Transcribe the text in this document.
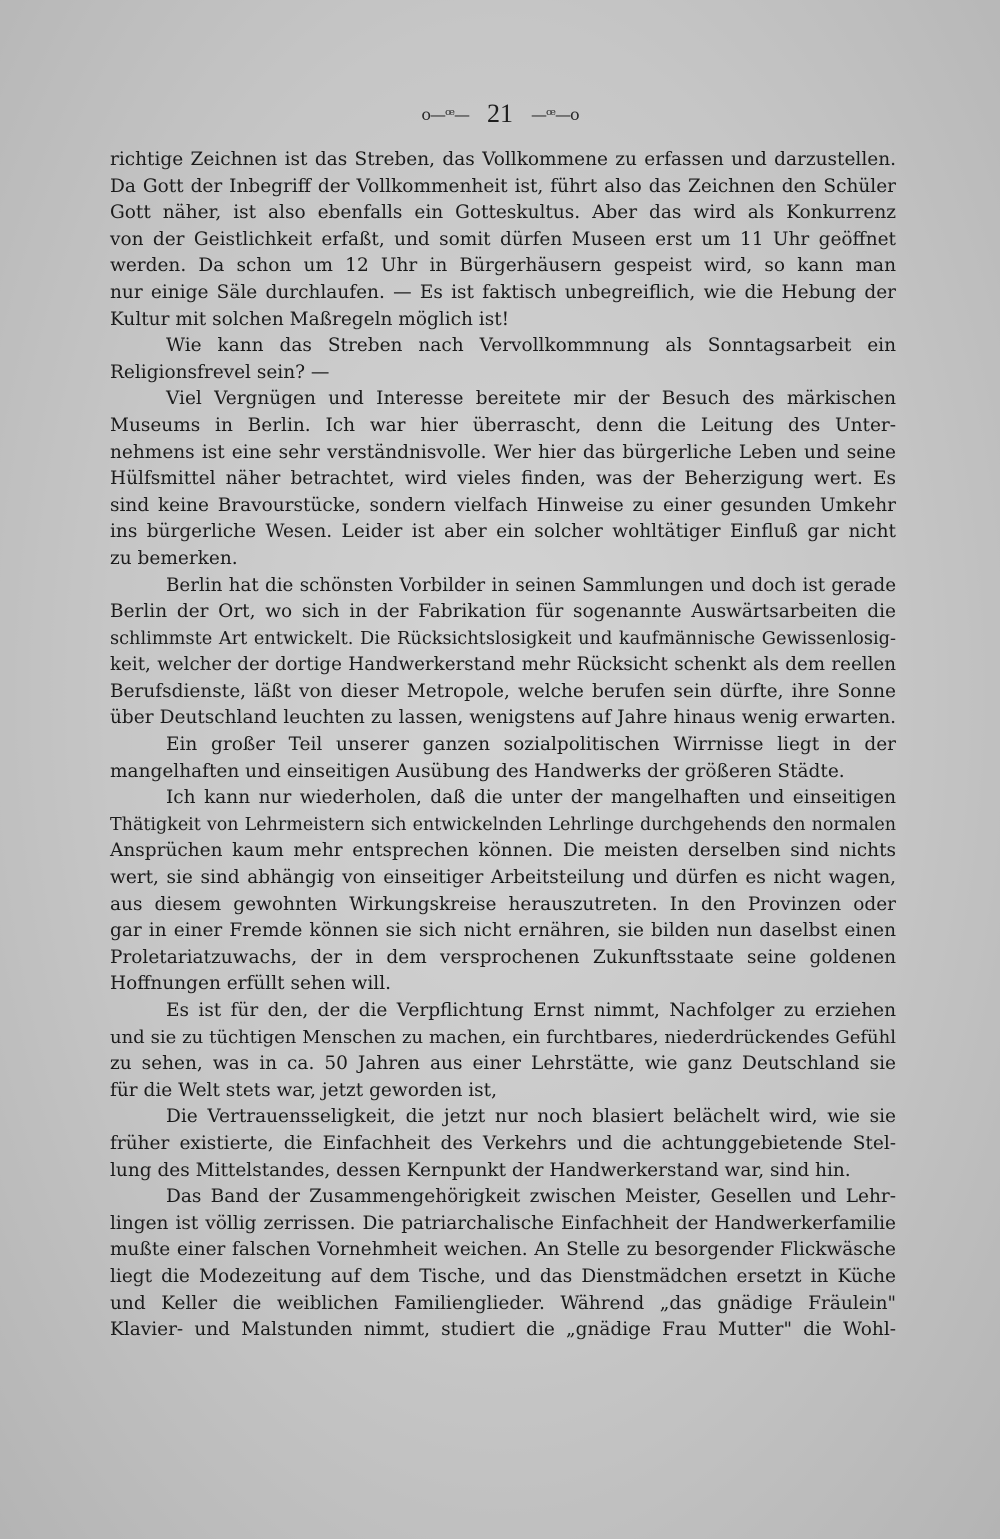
o—ꟹ— 21 —ꟹ—o
richtige Zeichnen ist das Streben, das Vollkommene zu erfassen und darzustellen.
Da Gott der Inbegriff der Vollkommenheit ist, führt also das Zeichnen den Schüler
Gott näher, ist also ebenfalls ein Gotteskultus. Aber das wird als Konkurrenz
von der Geistlichkeit erfaßt, und somit dürfen Museen erst um 11 Uhr geöffnet
werden. Da schon um 12 Uhr in Bürgerhäusern gespeist wird, so kann man
nur einige Säle durchlaufen. — Es ist faktisch unbegreiflich, wie die Hebung der
Kultur mit solchen Maßregeln möglich ist!
Wie kann das Streben nach Vervollkommnung als Sonntagsarbeit ein
Religionsfrevel sein? —
Viel Vergnügen und Interesse bereitete mir der Besuch des märkischen
Museums in Berlin. Ich war hier überrascht, denn die Leitung des Unter-
nehmens ist eine sehr verständnisvolle. Wer hier das bürgerliche Leben und seine
Hülfsmittel näher betrachtet, wird vieles finden, was der Beherzigung wert. Es
sind keine Bravourstücke, sondern vielfach Hinweise zu einer gesunden Umkehr
ins bürgerliche Wesen. Leider ist aber ein solcher wohltätiger Einfluß gar nicht
zu bemerken.
Berlin hat die schönsten Vorbilder in seinen Sammlungen und doch ist gerade
Berlin der Ort, wo sich in der Fabrikation für sogenannte Auswärtsarbeiten die
schlimmste Art entwickelt. Die Rücksichtslosigkeit und kaufmännische Gewissenlosig-
keit, welcher der dortige Handwerkerstand mehr Rücksicht schenkt als dem reellen
Berufsdienste, läßt von dieser Metropole, welche berufen sein dürfte, ihre Sonne
über Deutschland leuchten zu lassen, wenigstens auf Jahre hinaus wenig erwarten.
Ein großer Teil unserer ganzen sozialpolitischen Wirrnisse liegt in der
mangelhaften und einseitigen Ausübung des Handwerks der größeren Städte.
Ich kann nur wiederholen, daß die unter der mangelhaften und einseitigen
Thätigkeit von Lehrmeistern sich entwickelnden Lehrlinge durchgehends den normalen
Ansprüchen kaum mehr entsprechen können. Die meisten derselben sind nichts
wert, sie sind abhängig von einseitiger Arbeitsteilung und dürfen es nicht wagen,
aus diesem gewohnten Wirkungskreise herauszutreten. In den Provinzen oder
gar in einer Fremde können sie sich nicht ernähren, sie bilden nun daselbst einen
Proletariatzuwachs, der in dem versprochenen Zukunftsstaate seine goldenen
Hoffnungen erfüllt sehen will.
Es ist für den, der die Verpflichtung Ernst nimmt, Nachfolger zu erziehen
und sie zu tüchtigen Menschen zu machen, ein furchtbares, niederdrückendes Gefühl
zu sehen, was in ca. 50 Jahren aus einer Lehrstätte, wie ganz Deutschland sie
für die Welt stets war, jetzt geworden ist,
Die Vertrauensseligkeit, die jetzt nur noch blasiert belächelt wird, wie sie
früher existierte, die Einfachheit des Verkehrs und die achtunggebietende Stel-
lung des Mittelstandes, dessen Kernpunkt der Handwerkerstand war, sind hin.
Das Band der Zusammengehörigkeit zwischen Meister, Gesellen und Lehr-
lingen ist völlig zerrissen. Die patriarchalische Einfachheit der Handwerkerfamilie
mußte einer falschen Vornehmheit weichen. An Stelle zu besorgender Flickwäsche
liegt die Modezeitung auf dem Tische, und das Dienstmädchen ersetzt in Küche
und Keller die weiblichen Familienglieder. Während „das gnädige Fräulein"
Klavier- und Malstunden nimmt, studiert die „gnädige Frau Mutter" die Wohl-
